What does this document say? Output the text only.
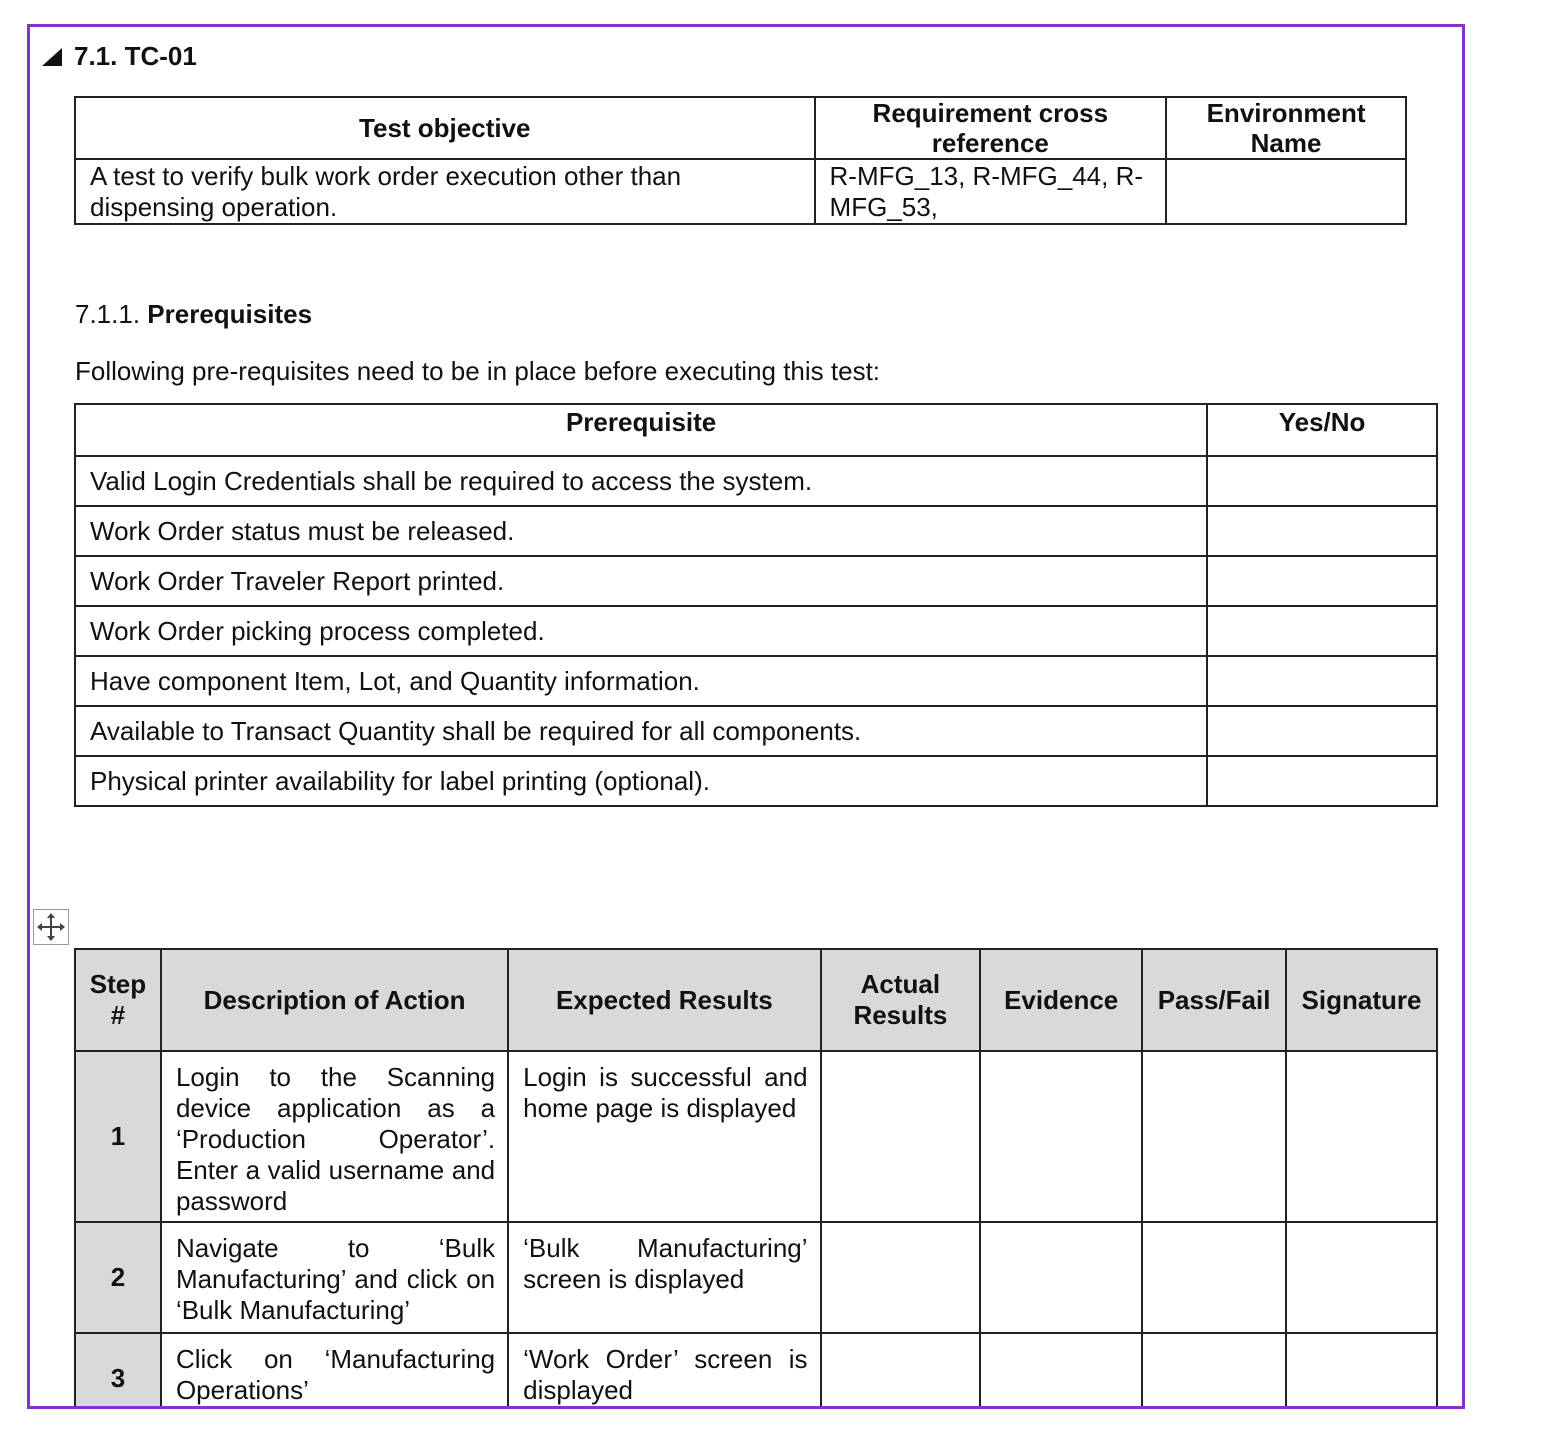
7.1. TC-01
Test objective	Requirement cross reference	Environment Name
A test to verify bulk work order execution other than dispensing operation.	R-MFG_13, R-MFG_44, R-MFG_53,	
7.1.1. Prerequisites
Following pre-requisites need to be in place before executing this test:
Prerequisite	Yes/No
Valid Login Credentials shall be required to access the system.	
Work Order status must be released.	
Work Order Traveler Report printed.	
Work Order picking process completed.	
Have component Item, Lot, and Quantity information.	
Available to Transact Quantity shall be required for all components.	
Physical printer availability for label printing (optional).	
Step #	Description of Action	Expected Results	Actual Results	Evidence	Pass/Fail	Signature
1	Login to the Scanning device application as a ‘Production Operator’. Enter a valid username and password	Login is successful and home page is displayed				
2	Navigate to ‘Bulk Manufacturing’ and click on ‘Bulk Manufacturing’	‘Bulk Manufacturing’ screen is displayed				
3	Click on ‘Manufacturing Operations’	‘Work Order’ screen is displayed				
